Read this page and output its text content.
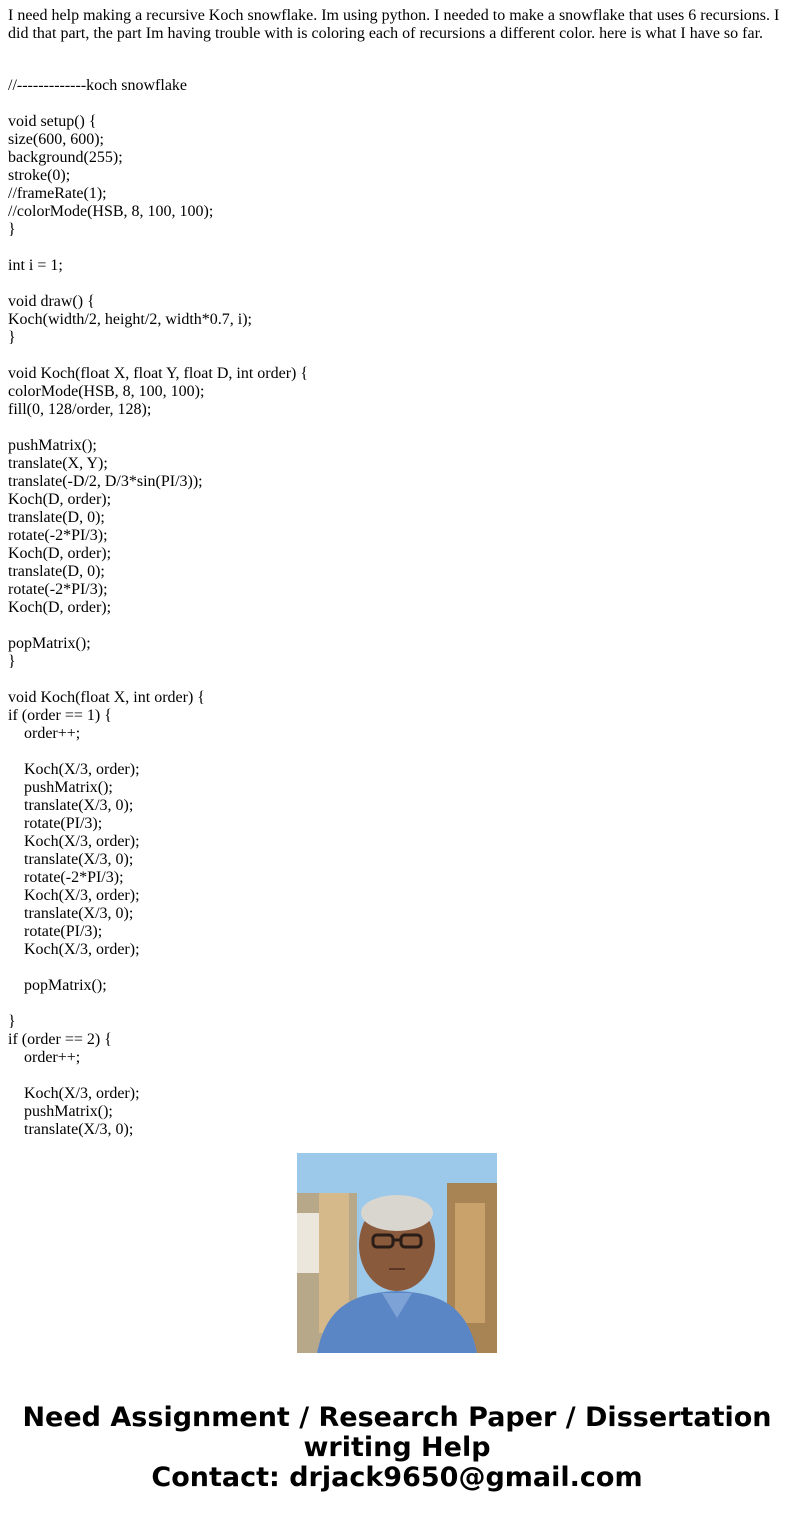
I need help making a recursive Koch snowflake. Im using python. I needed to make a snowflake that uses 6 recursions. I did that part, the part Im having trouble with is coloring each of recursions a different color. here is what I have so far.

//-------------koch snowflake

void setup() {
size(600, 600);
background(255);
stroke(0);
//frameRate(1);
//colorMode(HSB, 8, 100, 100);
}

int i = 1;

void draw() {
Koch(width/2, height/2, width*0.7, i);
}

void Koch(float X, float Y, float D, int order) {
colorMode(HSB, 8, 100, 100);
fill(0, 128/order, 128);

pushMatrix();
translate(X, Y);
translate(-D/2, D/3*sin(PI/3));
Koch(D, order);
translate(D, 0);
rotate(-2*PI/3);
Koch(D, order);
translate(D, 0);
rotate(-2*PI/3);
Koch(D, order);

popMatrix();
}

void Koch(float X, int order) {
if (order == 1) {
order++;

Koch(X/3, order);
pushMatrix();
translate(X/3, 0);
rotate(PI/3);
Koch(X/3, order);
translate(X/3, 0);
rotate(-2*PI/3);
Koch(X/3, order);
translate(X/3, 0);
rotate(PI/3);
Koch(X/3, order);

popMatrix();

}
if (order == 2) {
order++;

Koch(X/3, order);
pushMatrix();
translate(X/3, 0);

Need Assignment / Research Paper / Dissertation
writing Help
Contact: drjack9650@gmail.com
